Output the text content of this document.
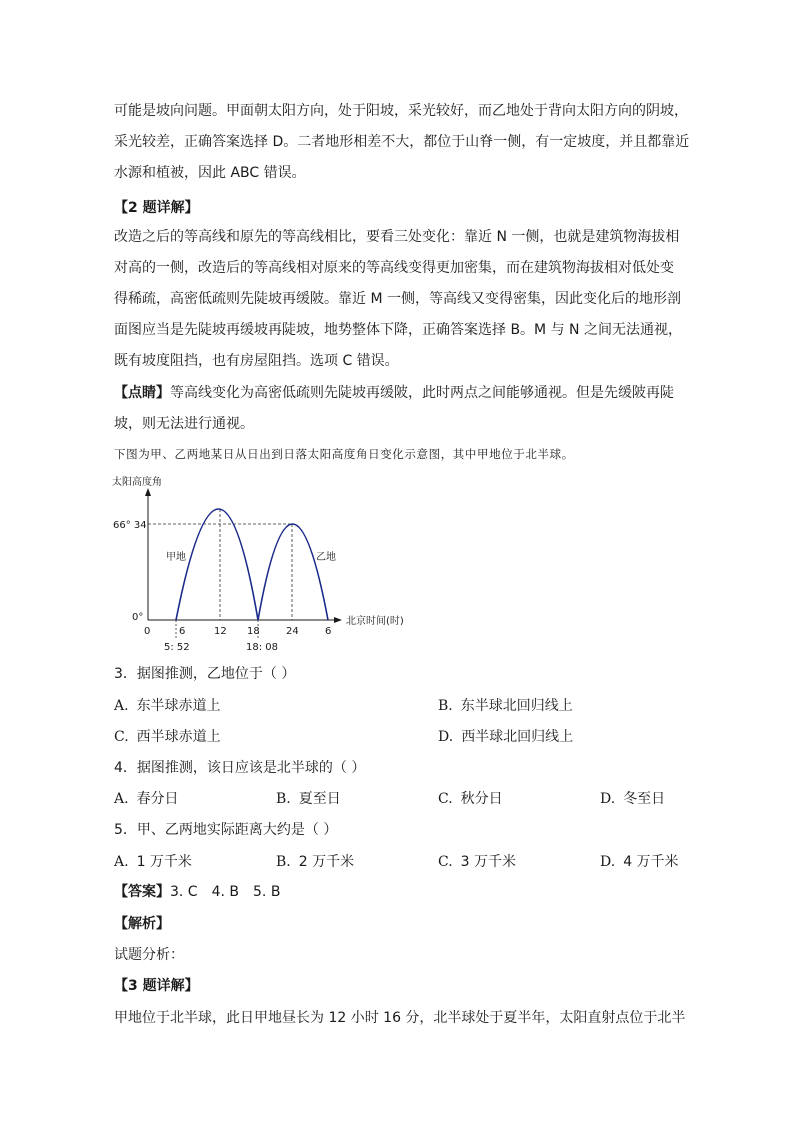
可能是坡向问题。甲面朝太阳方向，处于阳坡，采光较好，而乙地处于背向太阳方向的阴坡，
采光较差，正确答案选择 D。二者地形相差不大，都位于山脊一侧，有一定坡度，并且都靠近
水源和植被，因此 ABC 错误。
【2 题详解】
改造之后的等高线和原先的等高线相比，要看三处变化：靠近 N 一侧，也就是建筑物海拔相
对高的一侧，改造后的等高线相对原来的等高线变得更加密集，而在建筑物海拔相对低处变
得稀疏，高密低疏则先陡坡再缓陂。靠近 M 一侧，等高线又变得密集，因此变化后的地形剖
面图应当是先陡坡再缓坡再陡坡，地势整体下降，正确答案选择 B。M 与 N 之间无法通视，
既有坡度阻挡，也有房屋阻挡。选项 C 错误。
【点睛】等高线变化为高密低疏则先陡坡再缓陂，此时两点之间能够通视。但是先缓陂再陡
坡，则无法进行通视。
下图为甲、乙两地某日从日出到日落太阳高度角日变化示意图，其中甲地位于北半球。
太阳高度角
北京时间(时)
66° 34
0°
甲地	乙地
0	6	12 18	24	6
5: 52	18: 08
3．据图推测，乙地位于（ ）
A. 东半球赤道上	B. 东半球北回归线上
C. 西半球赤道上	D. 西半球北回归线上
4．据图推测，该日应该是北半球的（ ）
A. 春分日	B. 夏至日	C. 秋分日	D. 冬至日
5．甲、乙两地实际距离大约是（ ）
A. 1 万千米	B. 2 万千米	C. 3 万千米	D. 4 万千米
【答案】3. C 4. B 5. B
【解析】
试题分析：
【3 题详解】
甲地位于北半球，此日甲地昼长为 12 小时 16 分，北半球处于夏半年，太阳直射点位于北半
